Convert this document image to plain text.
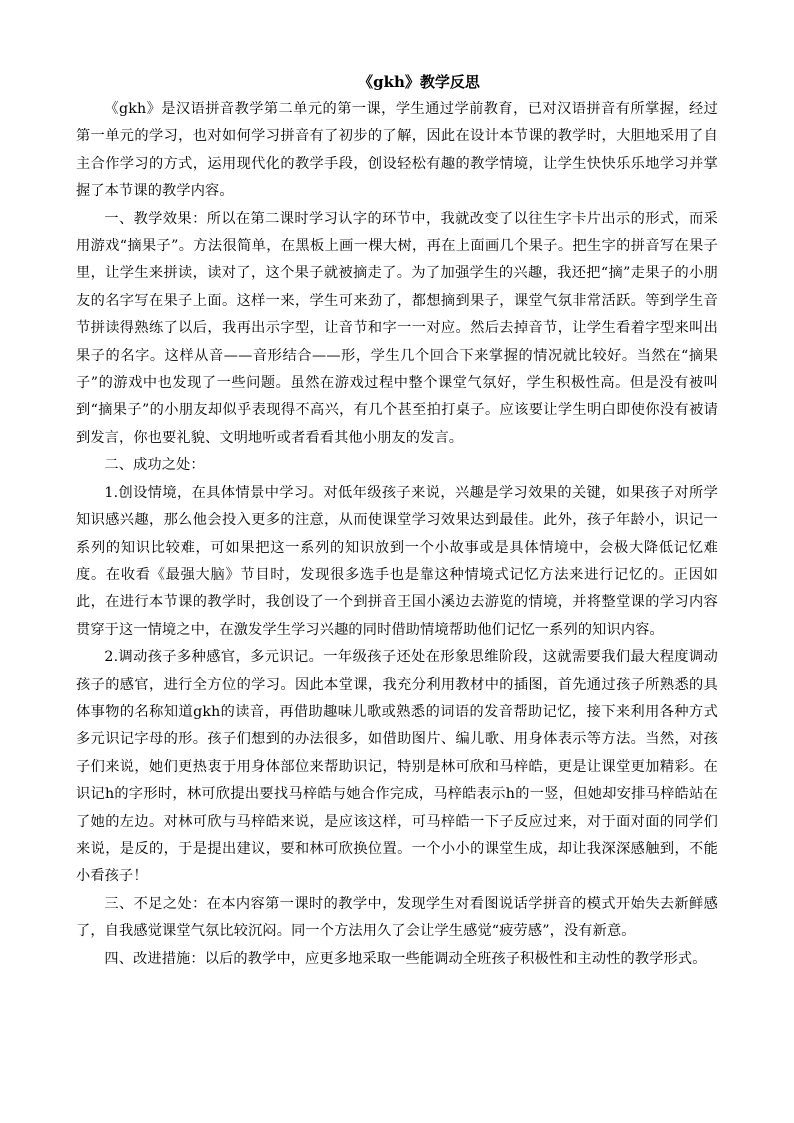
《gkh》教学反思

《gkh》是汉语拼音教学第二单元的第一课，学生通过学前教育，已对汉语拼音有所掌握，经过第一单元的学习，也对如何学习拼音有了初步的了解，因此在设计本节课的教学时，大胆地采用了自主合作学习的方式，运用现代化的教学手段，创设轻松有趣的教学情境，让学生快快乐乐地学习并掌握了本节课的教学内容。

一、教学效果：所以在第二课时学习认字的环节中，我就改变了以往生字卡片出示的形式，而采用游戏“摘果子”。方法很简单，在黑板上画一棵大树，再在上面画几个果子。把生字的拼音写在果子里，让学生来拼读，读对了，这个果子就被摘走了。为了加强学生的兴趣，我还把“摘”走果子的小朋友的名字写在果子上面。这样一来，学生可来劲了，都想摘到果子，课堂气氛非常活跃。等到学生音节拼读得熟练了以后，我再出示字型，让音节和字一一对应。然后去掉音节，让学生看着字型来叫出果子的名字。这样从音——音形结合——形，学生几个回合下来掌握的情况就比较好。当然在“摘果子”的游戏中也发现了一些问题。虽然在游戏过程中整个课堂气氛好，学生积极性高。但是没有被叫到“摘果子”的小朋友却似乎表现得不高兴，有几个甚至拍打桌子。应该要让学生明白即使你没有被请到发言，你也要礼貌、文明地听或者看看其他小朋友的发言。

二、成功之处：

1.创设情境，在具体情景中学习。对低年级孩子来说，兴趣是学习效果的关键，如果孩子对所学知识感兴趣，那么他会投入更多的注意，从而使课堂学习效果达到最佳。此外，孩子年龄小，识记一系列的知识比较难，可如果把这一系列的知识放到一个小故事或是具体情境中，会极大降低记忆难度。在收看《最强大脑》节目时，发现很多选手也是靠这种情境式记忆方法来进行记忆的。正因如此，在进行本节课的教学时，我创设了一个到拼音王国小溪边去游览的情境，并将整堂课的学习内容贯穿于这一情境之中，在激发学生学习兴趣的同时借助情境帮助他们记忆一系列的知识内容。

2.调动孩子多种感官，多元识记。一年级孩子还处在形象思维阶段，这就需要我们最大程度调动孩子的感官，进行全方位的学习。因此本堂课，我充分利用教材中的插图，首先通过孩子所熟悉的具体事物的名称知道gkh的读音，再借助趣味儿歌或熟悉的词语的发音帮助记忆，接下来利用各种方式多元识记字母的形。孩子们想到的办法很多，如借助图片、编儿歌、用身体表示等方法。当然，对孩子们来说，她们更热衷于用身体部位来帮助识记，特别是林可欣和马梓皓，更是让课堂更加精彩。在识记h的字形时，林可欣提出要找马梓皓与她合作完成，马梓皓表示h的一竖，但她却安排马梓皓站在了她的左边。对林可欣与马梓皓来说，是应该这样，可马梓皓一下子反应过来，对于面对面的同学们来说，是反的，于是提出建议，要和林可欣换位置。一个小小的课堂生成，却让我深深感触到，不能小看孩子！

三、不足之处：在本内容第一课时的教学中，发现学生对看图说话学拼音的模式开始失去新鲜感了，自我感觉课堂气氛比较沉闷。同一个方法用久了会让学生感觉“疲劳感”，没有新意。

四、改进措施：以后的教学中，应更多地采取一些能调动全班孩子积极性和主动性的教学形式。
